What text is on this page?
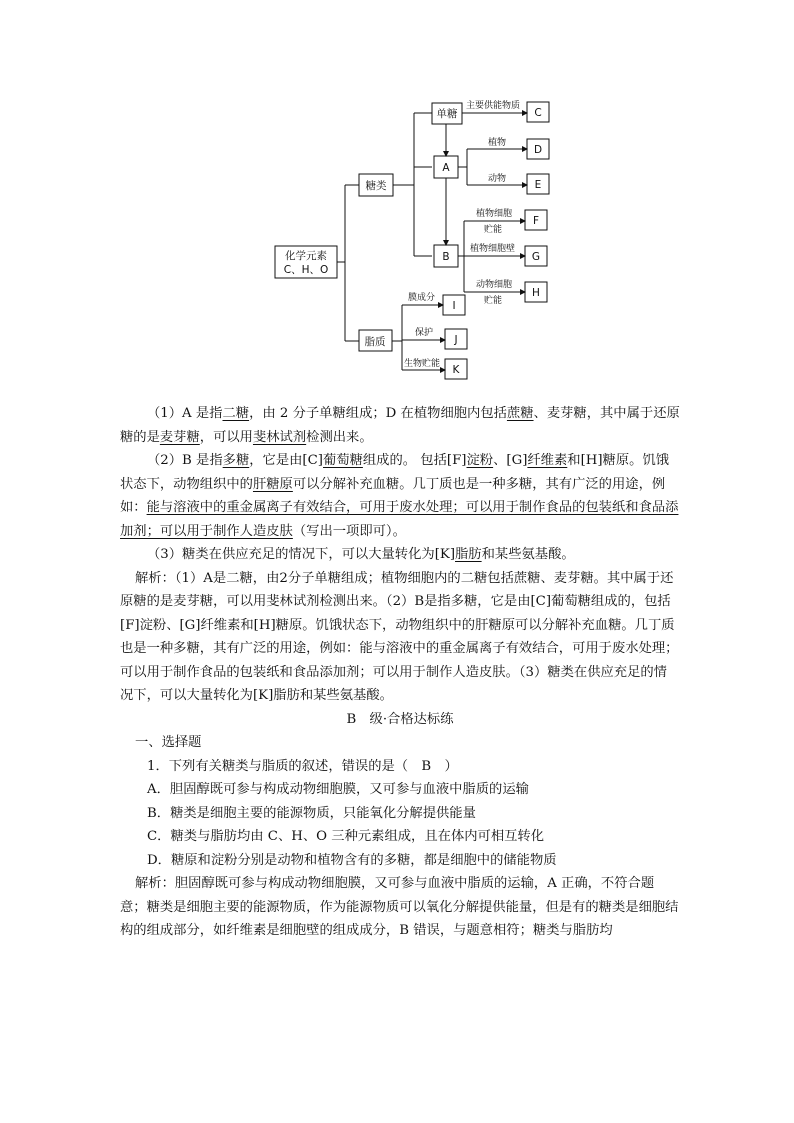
化学元素
C、H、O
糖类
脂质
单糖
A
B
C
D
E
F
G
H
I
J
K
主要供能物质
植物
动物
植物细胞
贮能
植物细胞壁
动物细胞
贮能
膜成分
保护
生物贮能

（1）A 是指二糖，由 2 分子单糖组成；D 在植物细胞内包括蔗糖、麦芽糖，其中属于还原糖的是麦芽糖，可以用斐林试剂检测出来。

（2）B 是指多糖，它是由[C]葡萄糖组成的。 包括[F]淀粉、[G]纤维素和[H]糖原。饥饿状态下，动物组织中的肝糖原可以分解补充血糖。几丁质也是一种多糖，其有广泛的用途，例如：能与溶液中的重金属离子有效结合，可用于废水处理；可以用于制作食品的包装纸和食品添加剂；可以用于制作人造皮肤（写出一项即可）。

（3）糖类在供应充足的情况下，可以大量转化为[K]脂肪和某些氨基酸。

解析：（1）A是二糖，由2分子单糖组成；植物细胞内的二糖包括蔗糖、麦芽糖。其中属于还原糖的是麦芽糖，可以用斐林试剂检测出来。（2）B是指多糖，它是由[C]葡萄糖组成的，包括[F]淀粉、[G]纤维素和[H]糖原。饥饿状态下，动物组织中的肝糖原可以分解补充血糖。几丁质也是一种多糖，其有广泛的用途，例如：能与溶液中的重金属离子有效结合，可用于废水处理；可以用于制作食品的包装纸和食品添加剂；可以用于制作人造皮肤。（3）糖类在供应充足的情况下，可以大量转化为[K]脂肪和某些氨基酸。

B　级·合格达标练

一、选择题

1．下列有关糖类与脂质的叙述，错误的是（　B　）

A．胆固醇既可参与构成动物细胞膜，又可参与血液中脂质的运输

B．糖类是细胞主要的能源物质，只能氧化分解提供能量

C．糖类与脂肪均由 C、H、O 三种元素组成，且在体内可相互转化

D．糖原和淀粉分别是动物和植物含有的多糖，都是细胞中的储能物质

解析：胆固醇既可参与构成动物细胞膜，又可参与血液中脂质的运输，A 正确，不符合题意；糖类是细胞主要的能源物质，作为能源物质可以氧化分解提供能量，但是有的糖类是细胞结构的组成部分，如纤维素是细胞壁的组成成分，B 错误，与题意相符；糖类与脂肪均
